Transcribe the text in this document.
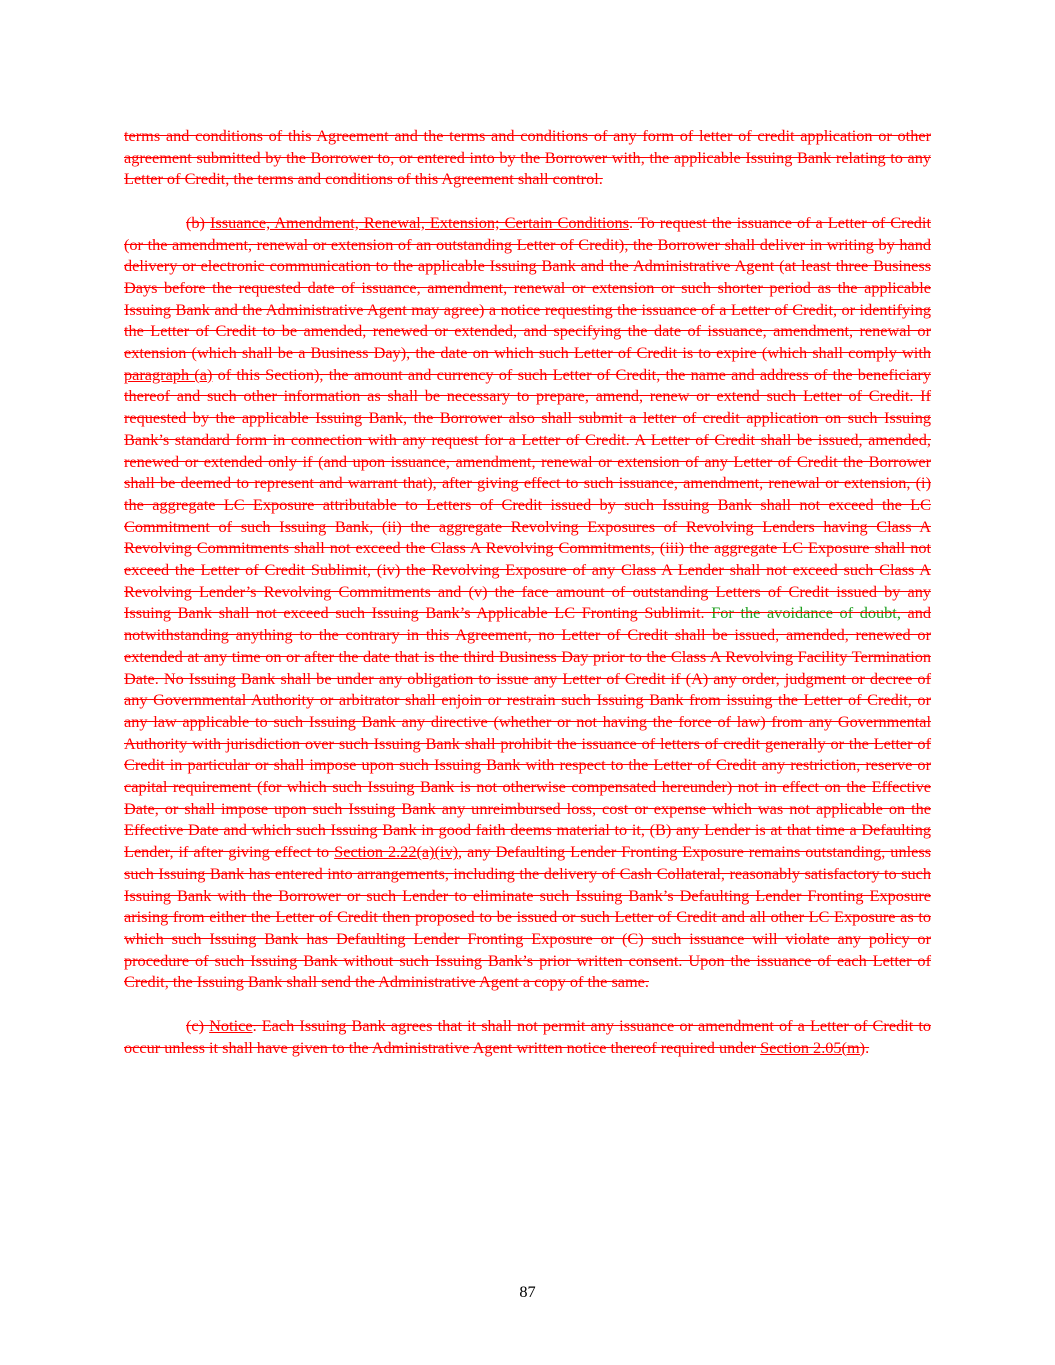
terms and conditions of this Agreement and the terms and conditions of any form of letter of credit application or other agreement submitted by the Borrower to, or entered into by the Borrower with, the applicable Issuing Bank relating to any Letter of Credit, the terms and conditions of this Agreement shall control.

(b) Issuance, Amendment, Renewal, Extension; Certain Conditions. To request the issuance of a Letter of Credit (or the amendment, renewal or extension of an outstanding Letter of Credit), the Borrower shall deliver in writing by hand delivery or electronic communication to the applicable Issuing Bank and the Administrative Agent (at least three Business Days before the requested date of issuance, amendment, renewal or extension or such shorter period as the applicable Issuing Bank and the Administrative Agent may agree) a notice requesting the issuance of a Letter of Credit, or identifying the Letter of Credit to be amended, renewed or extended, and specifying the date of issuance, amendment, renewal or extension (which shall be a Business Day), the date on which such Letter of Credit is to expire (which shall comply with paragraph (a) of this Section), the amount and currency of such Letter of Credit, the name and address of the beneficiary thereof and such other information as shall be necessary to prepare, amend, renew or extend such Letter of Credit. If requested by the applicable Issuing Bank, the Borrower also shall submit a letter of credit application on such Issuing Bank’s standard form in connection with any request for a Letter of Credit. A Letter of Credit shall be issued, amended, renewed or extended only if (and upon issuance, amendment, renewal or extension of any Letter of Credit the Borrower shall be deemed to represent and warrant that), after giving effect to such issuance, amendment, renewal or extension, (i) the aggregate LC Exposure attributable to Letters of Credit issued by such Issuing Bank shall not exceed the LC Commitment of such Issuing Bank, (ii) the aggregate Revolving Exposures of Revolving Lenders having Class A Revolving Commitments shall not exceed the Class A Revolving Commitments, (iii) the aggregate LC Exposure shall not exceed the Letter of Credit Sublimit, (iv) the Revolving Exposure of any Class A Lender shall not exceed such Class A Revolving Lender’s Revolving Commitments and (v) the face amount of outstanding Letters of Credit issued by any Issuing Bank shall not exceed such Issuing Bank’s Applicable LC Fronting Sublimit. For the avoidance of doubt, and notwithstanding anything to the contrary in this Agreement, no Letter of Credit shall be issued, amended, renewed or extended at any time on or after the date that is the third Business Day prior to the Class A Revolving Facility Termination Date. No Issuing Bank shall be under any obligation to issue any Letter of Credit if (A) any order, judgment or decree of any Governmental Authority or arbitrator shall enjoin or restrain such Issuing Bank from issuing the Letter of Credit, or any law applicable to such Issuing Bank any directive (whether or not having the force of law) from any Governmental Authority with jurisdiction over such Issuing Bank shall prohibit the issuance of letters of credit generally or the Letter of Credit in particular or shall impose upon such Issuing Bank with respect to the Letter of Credit any restriction, reserve or capital requirement (for which such Issuing Bank is not otherwise compensated hereunder) not in effect on the Effective Date, or shall impose upon such Issuing Bank any unreimbursed loss, cost or expense which was not applicable on the Effective Date and which such Issuing Bank in good faith deems material to it, (B) any Lender is at that time a Defaulting Lender, if after giving effect to Section 2.22(a)(iv), any Defaulting Lender Fronting Exposure remains outstanding, unless such Issuing Bank has entered into arrangements, including the delivery of Cash Collateral, reasonably satisfactory to such Issuing Bank with the Borrower or such Lender to eliminate such Issuing Bank’s Defaulting Lender Fronting Exposure arising from either the Letter of Credit then proposed to be issued or such Letter of Credit and all other LC Exposure as to which such Issuing Bank has Defaulting Lender Fronting Exposure or (C) such issuance will violate any policy or procedure of such Issuing Bank without such Issuing Bank’s prior written consent. Upon the issuance of each Letter of Credit, the Issuing Bank shall send the Administrative Agent a copy of the same.

(c) Notice. Each Issuing Bank agrees that it shall not permit any issuance or amendment of a Letter of Credit to occur unless it shall have given to the Administrative Agent written notice thereof required under Section 2.05(m).

87
